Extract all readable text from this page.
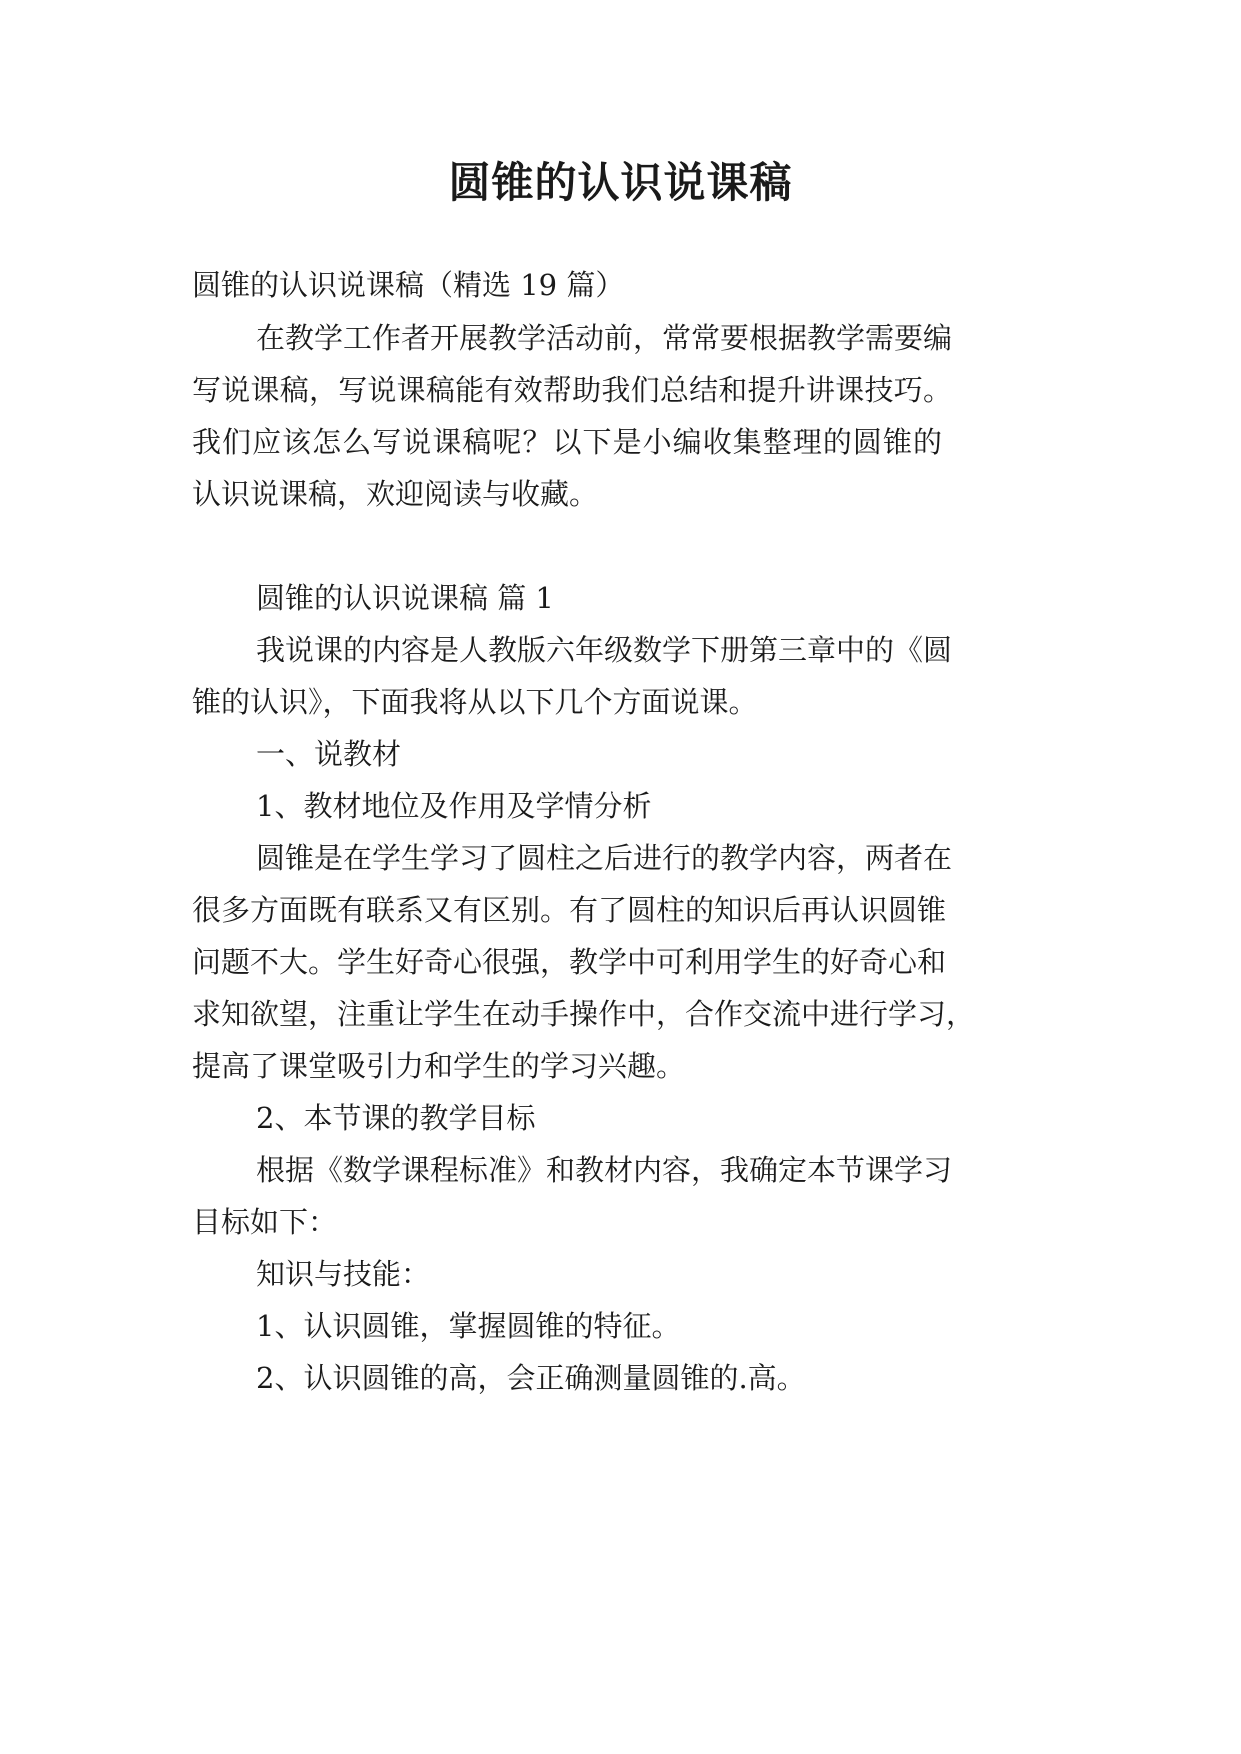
圆锥的认识说课稿

圆锥的认识说课稿（精选 19 篇）

在教学工作者开展教学活动前，常常要根据教学需要编

写说课稿，写说课稿能有效帮助我们总结和提升讲课技巧。

我们应该怎么写说课稿呢？以下是小编收集整理的圆锥的

认识说课稿，欢迎阅读与收藏。

圆锥的认识说课稿 篇 1

我说课的内容是人教版六年级数学下册第三章中的《圆

锥的认识》，下面我将从以下几个方面说课。

一、说教材

1、教材地位及作用及学情分析

圆锥是在学生学习了圆柱之后进行的教学内容，两者在

很多方面既有联系又有区别。有了圆柱的知识后再认识圆锥

问题不大。学生好奇心很强，教学中可利用学生的好奇心和

求知欲望，注重让学生在动手操作中，合作交流中进行学习，

提高了课堂吸引力和学生的学习兴趣。

2、本节课的教学目标

根据《数学课程标准》和教材内容，我确定本节课学习

目标如下：

知识与技能：

1、认识圆锥，掌握圆锥的特征。

2、认识圆锥的高，会正确测量圆锥的.高。
